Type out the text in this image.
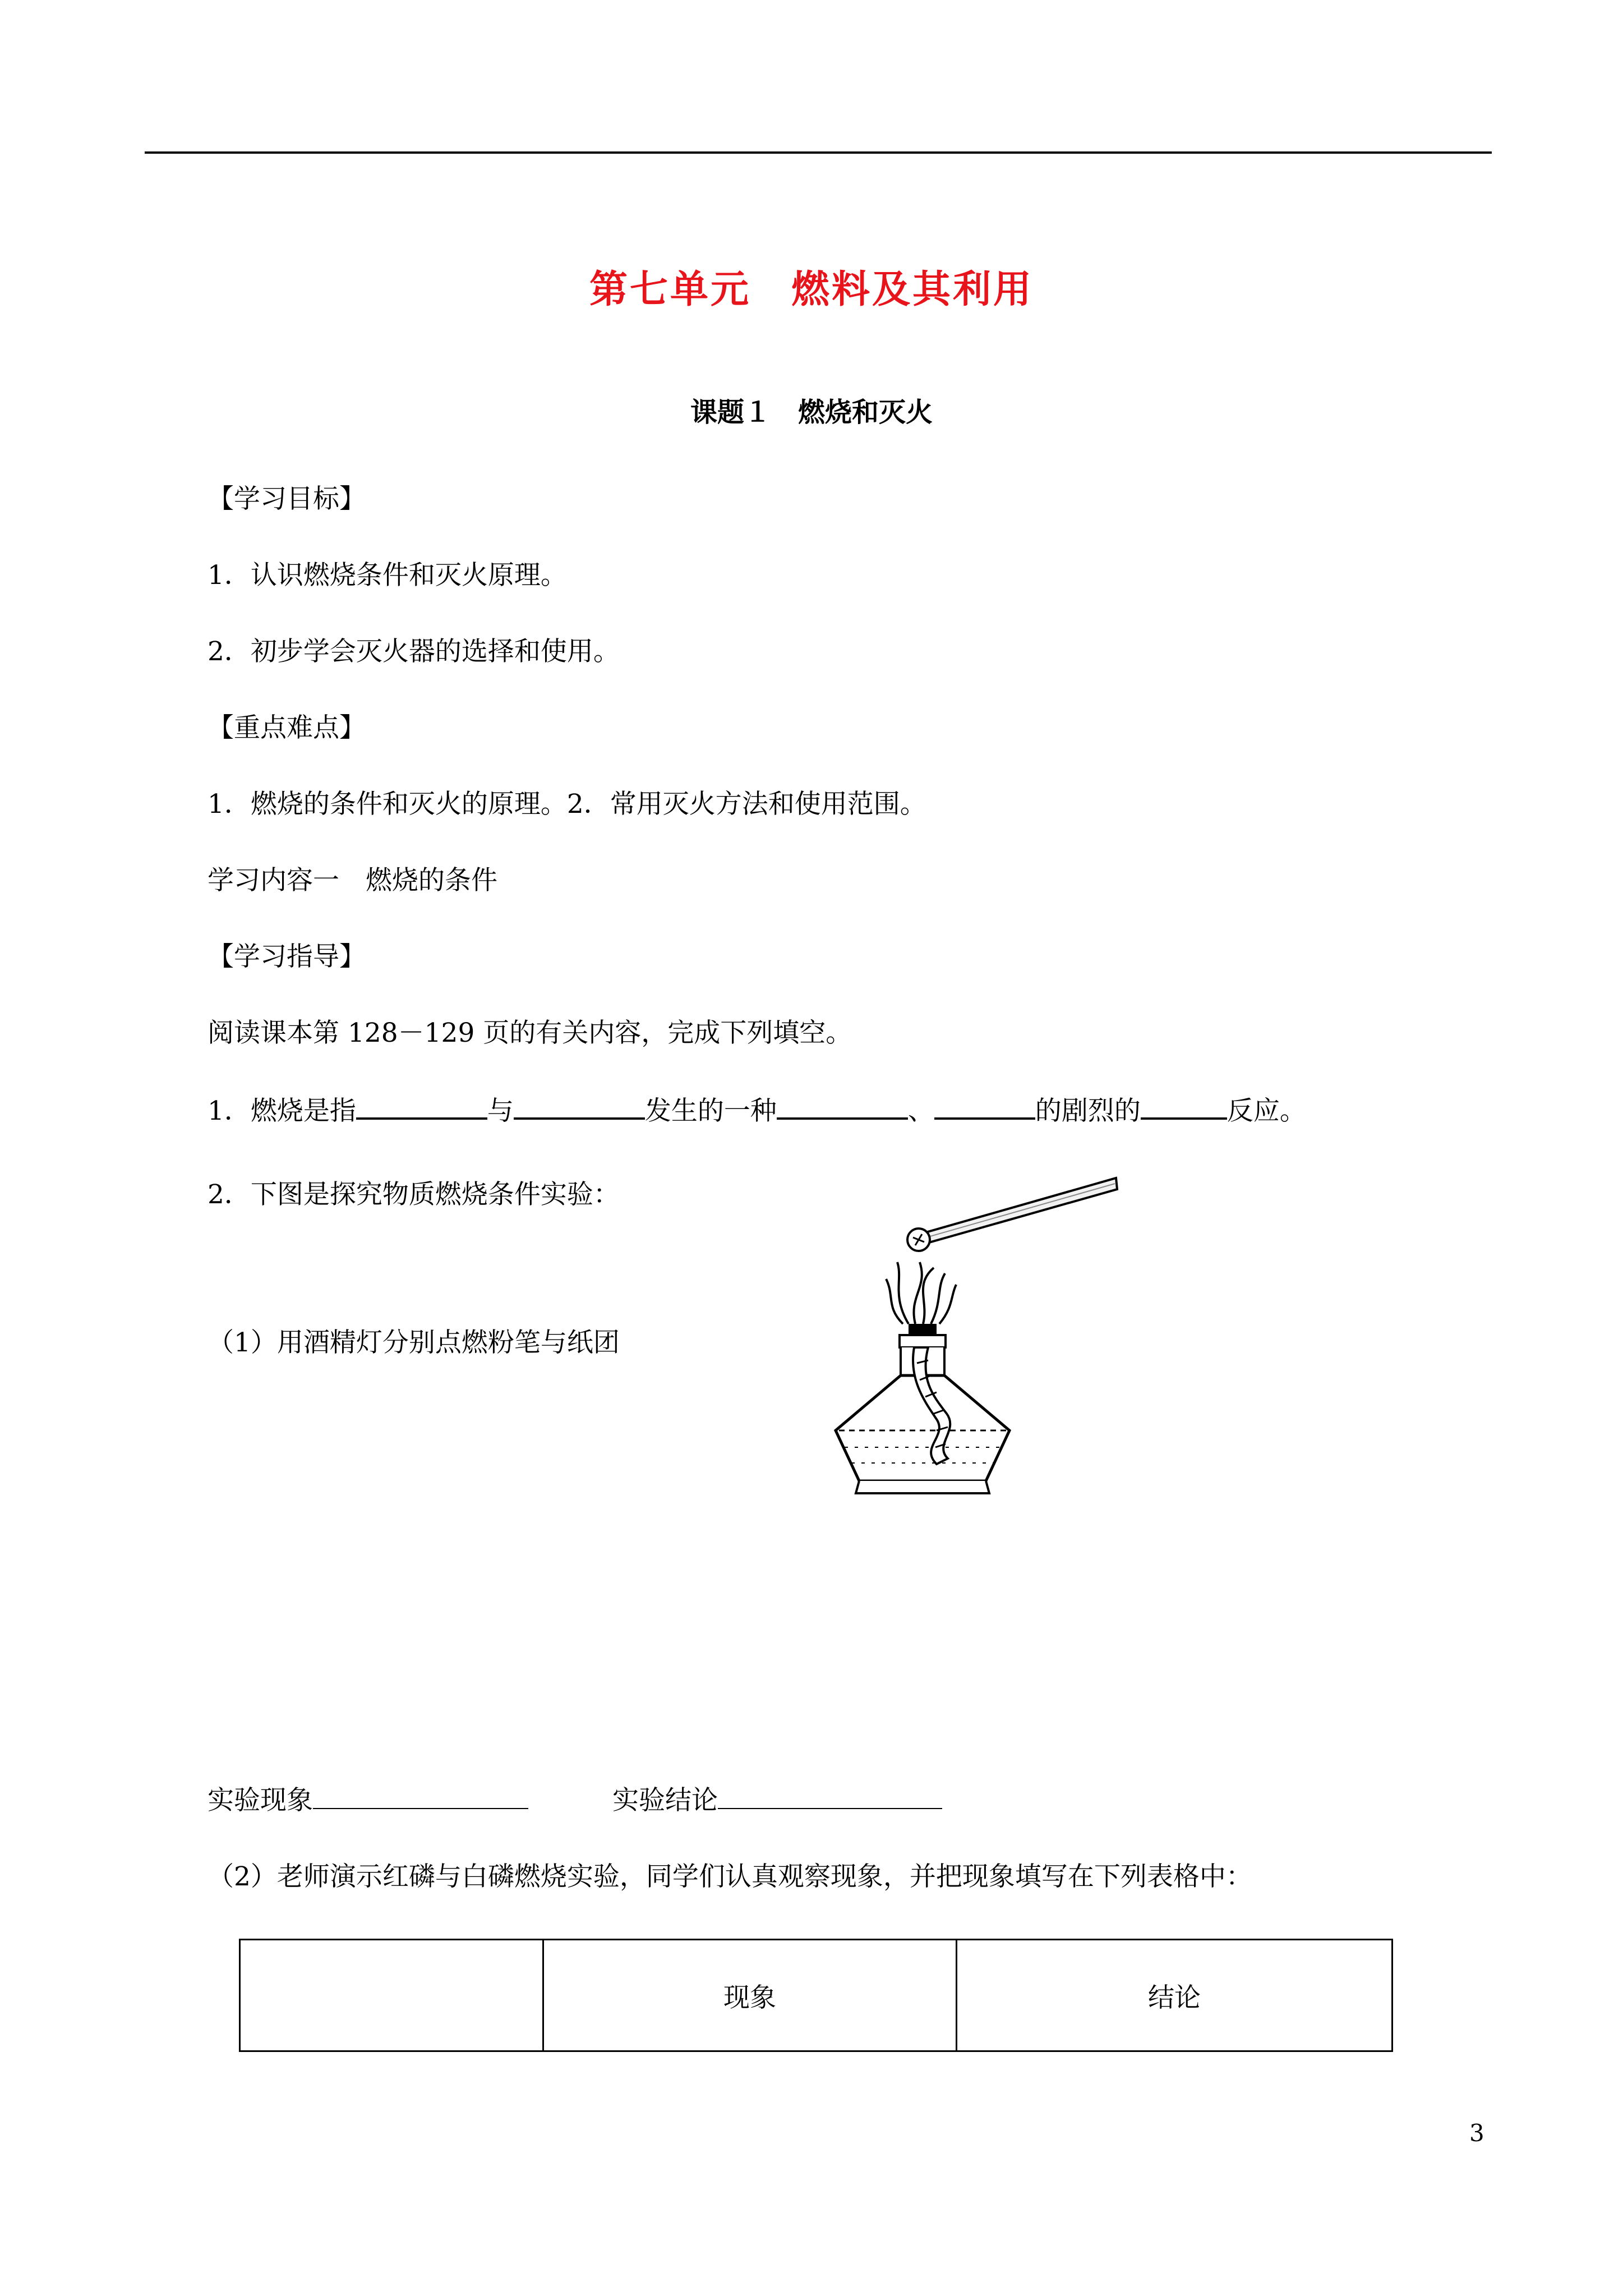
第七单元　燃料及其利用
课题１　燃烧和灭火
【学习目标】
1．认识燃烧条件和灭火原理。
2．初步学会灭火器的选择和使用。
【重点难点】
1．燃烧的条件和灭火的原理。2．常用灭火方法和使用范围。
学习内容一　燃烧的条件
【学习指导】
阅读课本第 128－129 页的有关内容，完成下列填空。
1．燃烧是指	与	发生的一种	、	的剧烈的	反应。
2．下图是探究物质燃烧条件实验：
（1）用酒精灯分别点燃粉笔与纸团
实验现象	实验结论
（2）老师演示红磷与白磷燃烧实验，同学们认真观察现象，并把现象填写在下列表格中：
	现象	结论
3
